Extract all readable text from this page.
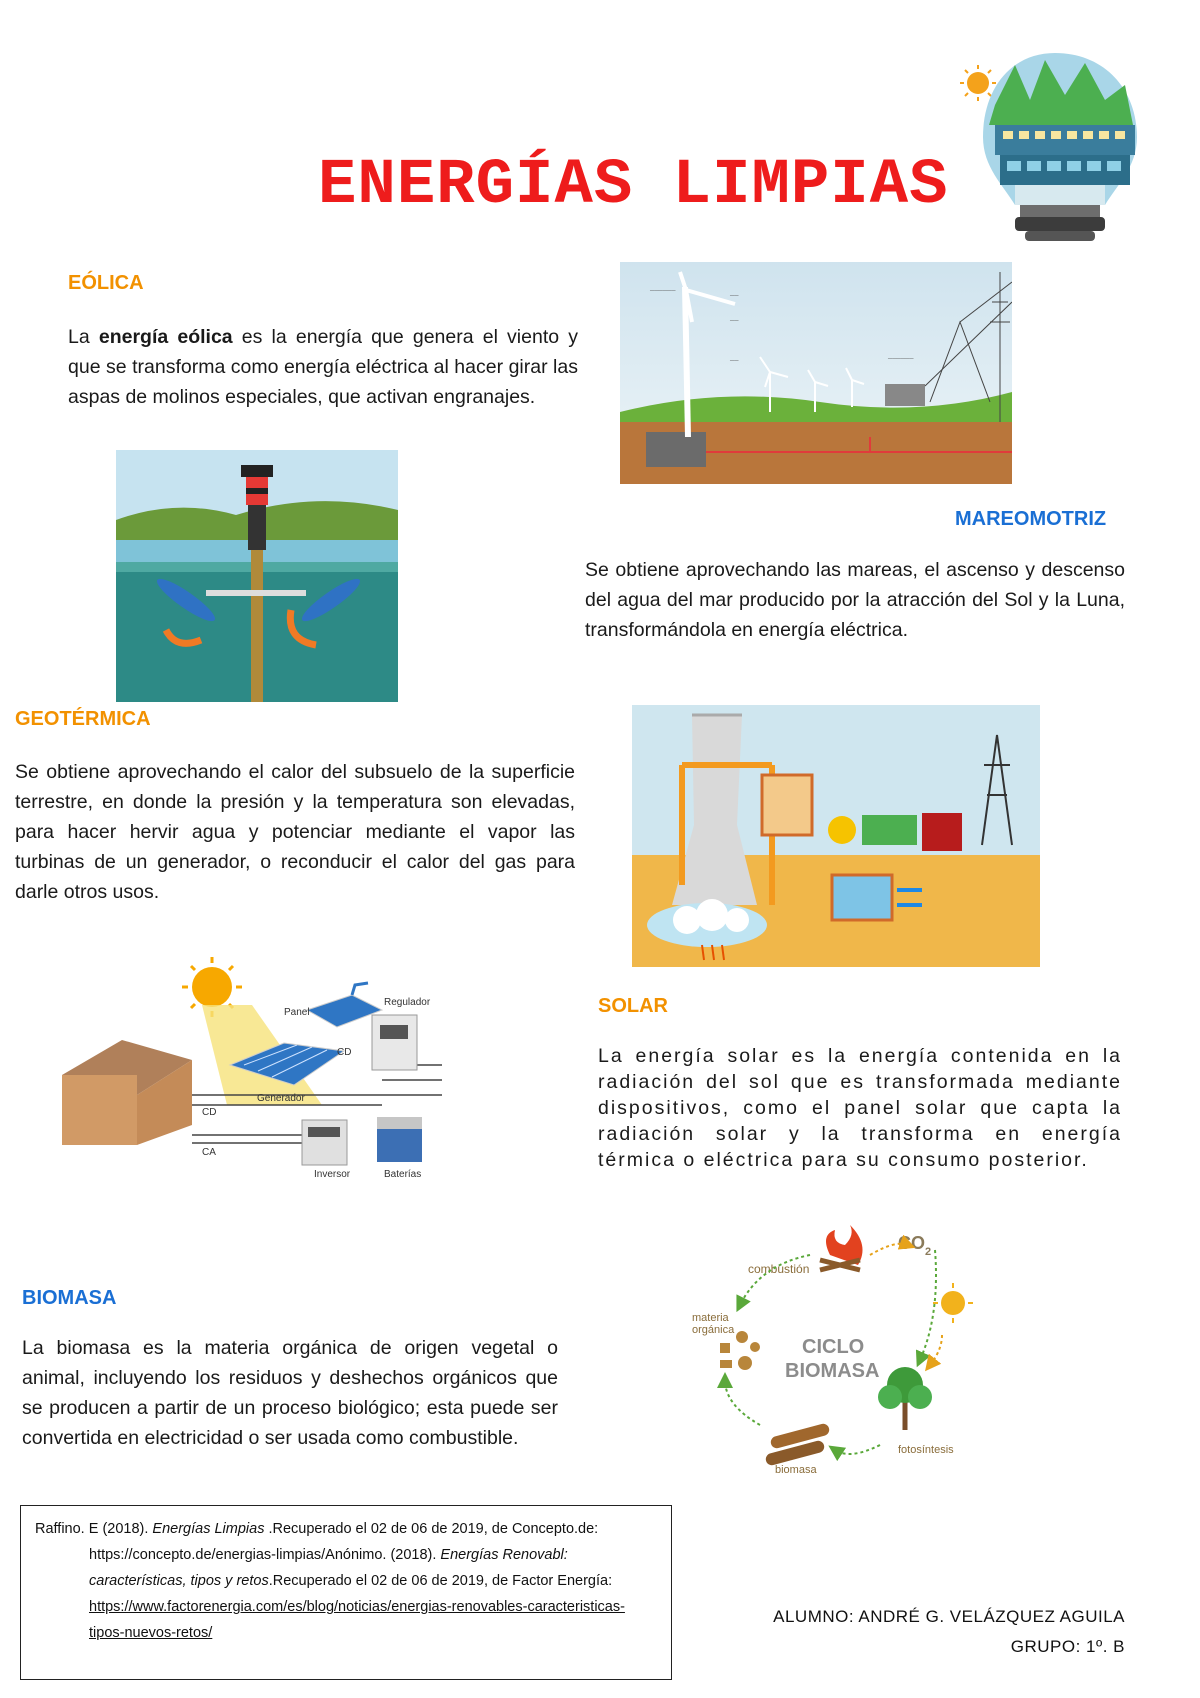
ENERGÍAS LIMPIAS
EÓLICA
La energía eólica es la energía que genera el viento y que se transforma como energía eléctrica al hacer girar las aspas de molinos especiales, que activan engranajes.
──────
──
──
──	──────
MAREOMOTRIZ
Se obtiene aprovechando las mareas, el ascenso y descenso del agua del mar producido por la atracción del Sol y la Luna, transformándola en energía eléctrica.
GEOTÉRMICA
Se obtiene aprovechando el calor del subsuelo de la superficie terrestre, en donde la presión y la temperatura son elevadas, para hacer hervir agua y potenciar mediante el vapor las turbinas de un generador, o reconducir el calor del gas para darle otros usos.
Panel
Regulador
CD
Generador
CD
CA
Inversor	Baterías
SOLAR
La energía solar es la energía contenida en la radiación del sol que es transformada mediante dispositivos, como el panel solar que capta la radiación solar y la transforma en energía térmica o eléctrica para su consumo posterior.
BIOMASA
La biomasa es la materia orgánica de origen vegetal o animal, incluyendo los residuos y deshechos orgánicos que se producen a partir de un proceso biológico; esta puede ser convertida en electricidad o ser usada como combustible.
$CO_2$
combustión
materia
orgánica
CICLO
BIOMASA
fotosíntesis
biomasa

Raffino. E (2018). Energías Limpias .Recuperado el 02 de 06 de 2019, de Concepto.de:

https://concepto.de/energias-limpias/Anónimo. (2018). Energías Renovabl:

características, tipos y retos.Recuperado el 02 de 06 de 2019, de Factor Energía:

https://www.factorenergia.com/es/blog/noticias/energias-renovables-caracteristicas-

tipos-nuevos-retos/

ALUMNO: ANDRÉ G. VELÁZQUEZ AGUILA
GRUPO: 1º. B
